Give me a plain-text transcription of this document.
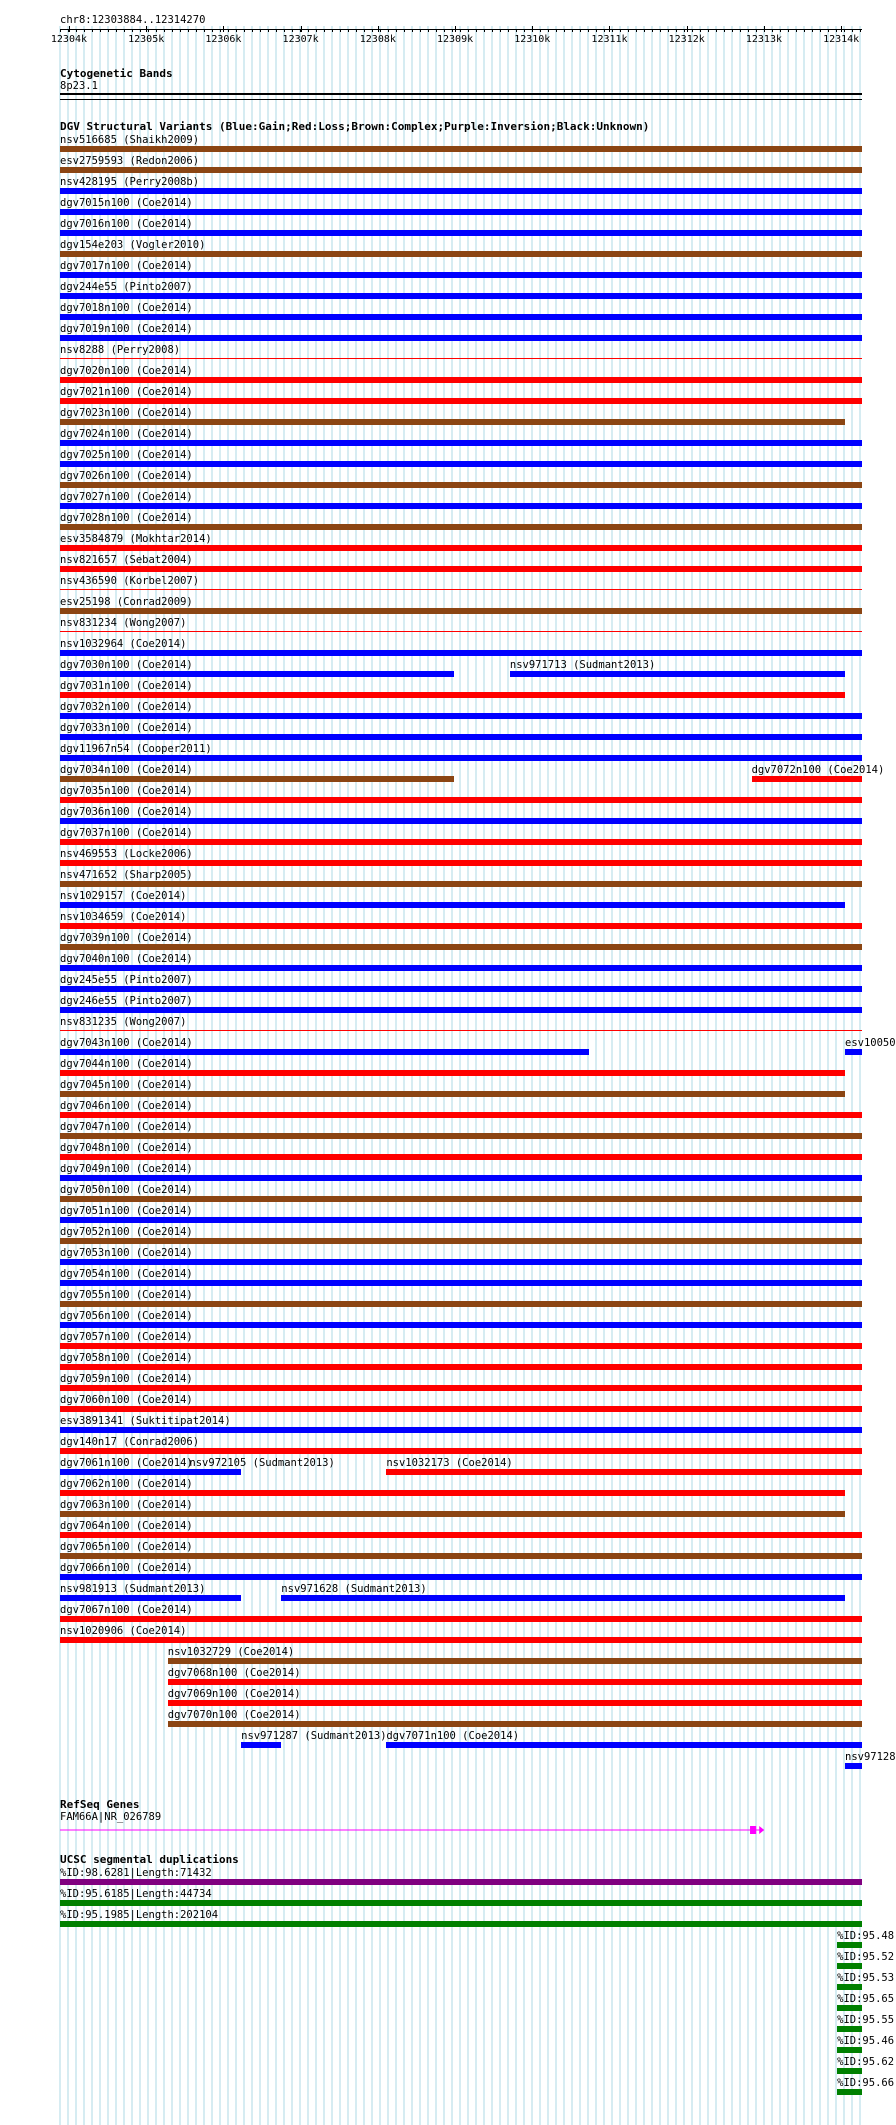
chr8:12303884..12314270
12304k	12305k	12306k	12307k	12308k	12309k	12310k	12311k	12312k	12313k	12314k
Cytogenetic Bands
8p23.1
DGV Structural Variants (Blue:Gain;Red:Loss;Brown:Complex;Purple:Inversion;Black:Unknown)
nsv516685 (Shaikh2009)
esv2759593 (Redon2006)
nsv428195 (Perry2008b)
dgv7015n100 (Coe2014)
dgv7016n100 (Coe2014)
dgv154e203 (Vogler2010)
dgv7017n100 (Coe2014)
dgv244e55 (Pinto2007)
dgv7018n100 (Coe2014)
dgv7019n100 (Coe2014)
nsv8288 (Perry2008)
dgv7020n100 (Coe2014)
dgv7021n100 (Coe2014)
dgv7023n100 (Coe2014)
dgv7024n100 (Coe2014)
dgv7025n100 (Coe2014)
dgv7026n100 (Coe2014)
dgv7027n100 (Coe2014)
dgv7028n100 (Coe2014)
esv3584879 (Mokhtar2014)
nsv821657 (Sebat2004)
nsv436590 (Korbel2007)
esv25198 (Conrad2009)
nsv831234 (Wong2007)
nsv1032964 (Coe2014)
dgv7030n100 (Coe2014)	nsv971713 (Sudmant2013)
dgv7031n100 (Coe2014)
dgv7032n100 (Coe2014)
dgv7033n100 (Coe2014)
dgv11967n54 (Cooper2011)
dgv7034n100 (Coe2014)	dgv7072n100 (Coe2014)
dgv7035n100 (Coe2014)
dgv7036n100 (Coe2014)
dgv7037n100 (Coe2014)
nsv469553 (Locke2006)
nsv471652 (Sharp2005)
nsv1029157 (Coe2014)
nsv1034659 (Coe2014)
dgv7039n100 (Coe2014)
dgv7040n100 (Coe2014)
dgv245e55 (Pinto2007)
dgv246e55 (Pinto2007)
nsv831235 (Wong2007)
dgv7043n100 (Coe2014)	esv10050
dgv7044n100 (Coe2014)
dgv7045n100 (Coe2014)
dgv7046n100 (Coe2014)
dgv7047n100 (Coe2014)
dgv7048n100 (Coe2014)
dgv7049n100 (Coe2014)
dgv7050n100 (Coe2014)
dgv7051n100 (Coe2014)
dgv7052n100 (Coe2014)
dgv7053n100 (Coe2014)
dgv7054n100 (Coe2014)
dgv7055n100 (Coe2014)
dgv7056n100 (Coe2014)
dgv7057n100 (Coe2014)
dgv7058n100 (Coe2014)
dgv7059n100 (Coe2014)
dgv7060n100 (Coe2014)
esv3891341 (Suktitipat2014)
dgv140n17 (Conrad2006)
dgv7061n100 (Coe2014)
nsv972105 (Sudmant2013)	nsv1032173 (Coe2014)
dgv7062n100 (Coe2014)
dgv7063n100 (Coe2014)
dgv7064n100 (Coe2014)
dgv7065n100 (Coe2014)
dgv7066n100 (Coe2014)
nsv981913 (Sudmant2013)	nsv971628 (Sudmant2013)
dgv7067n100 (Coe2014)
nsv1020906 (Coe2014)
nsv1032729 (Coe2014)
dgv7068n100 (Coe2014)
dgv7069n100 (Coe2014)
dgv7070n100 (Coe2014)
nsv971287 (Sudmant2013) dgv7071n100 (Coe2014)
nsv97128
RefSeq Genes
FAM66A|NR_026789
UCSC segmental duplications
%ID:98.6281|Length:71432
%ID:95.6185|Length:44734
%ID:95.1985|Length:202104
%ID:95.48
%ID:95.52
%ID:95.53
%ID:95.65
%ID:95.55
%ID:95.46
%ID:95.62
%ID:95.66
